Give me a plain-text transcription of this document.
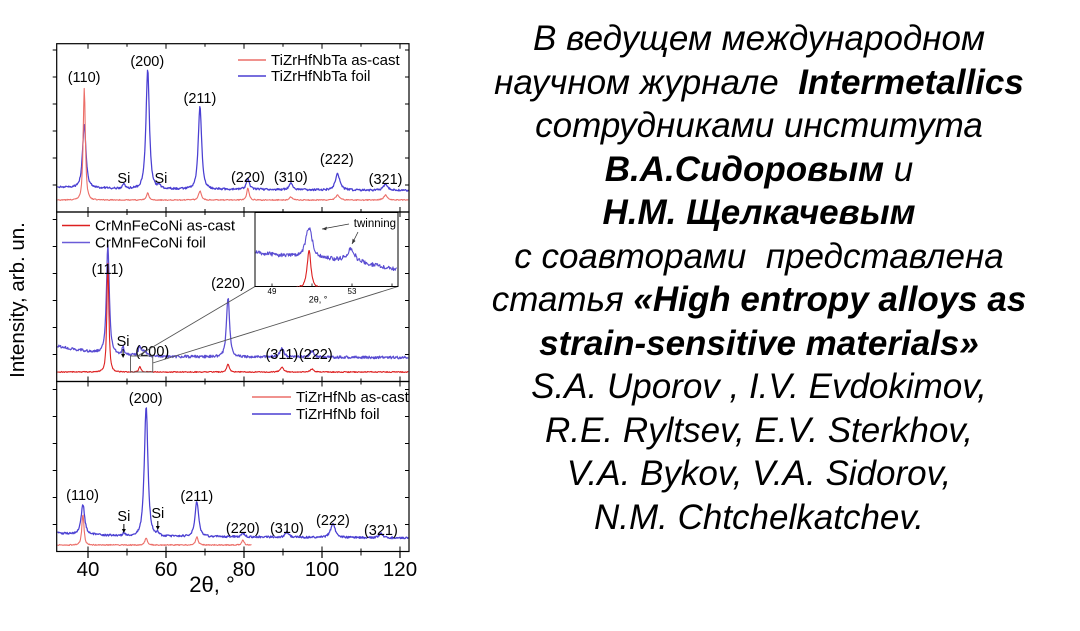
TiZrHfNbTa as-cast
TiZrHfNbTa foil
(110)
(200)
(211)
(220) (310)
(222)
(321)
Si Si
CrMnFeCoNi as-cast
CrMnFeCoNi foil
(111)
(200)
(220)
(311) (222)
Si
TiZrHfNb as-cast
TiZrHfNb foil
(200)
(110)	(211)
(220) (310) (222)
(321)
Si Si
49	53
2θ, °
twinning
40	60	80 100 120
2θ, °
Intensity, arb. un.
В ведущем международном
научном журнале  Intermetallics
сотрудниками института
В.А.Сидоровым и
Н.М. Щелкачевым
с соавторами  представлена
статья «High entropy alloys as
strain-sensitive materials»
S.A. Uporov , I.V. Evdokimov,
R.E. Ryltsev, E.V. Sterkhov,
V.A. Bykov, V.A. Sidorov,
N.M. Chtchelkatchev.
